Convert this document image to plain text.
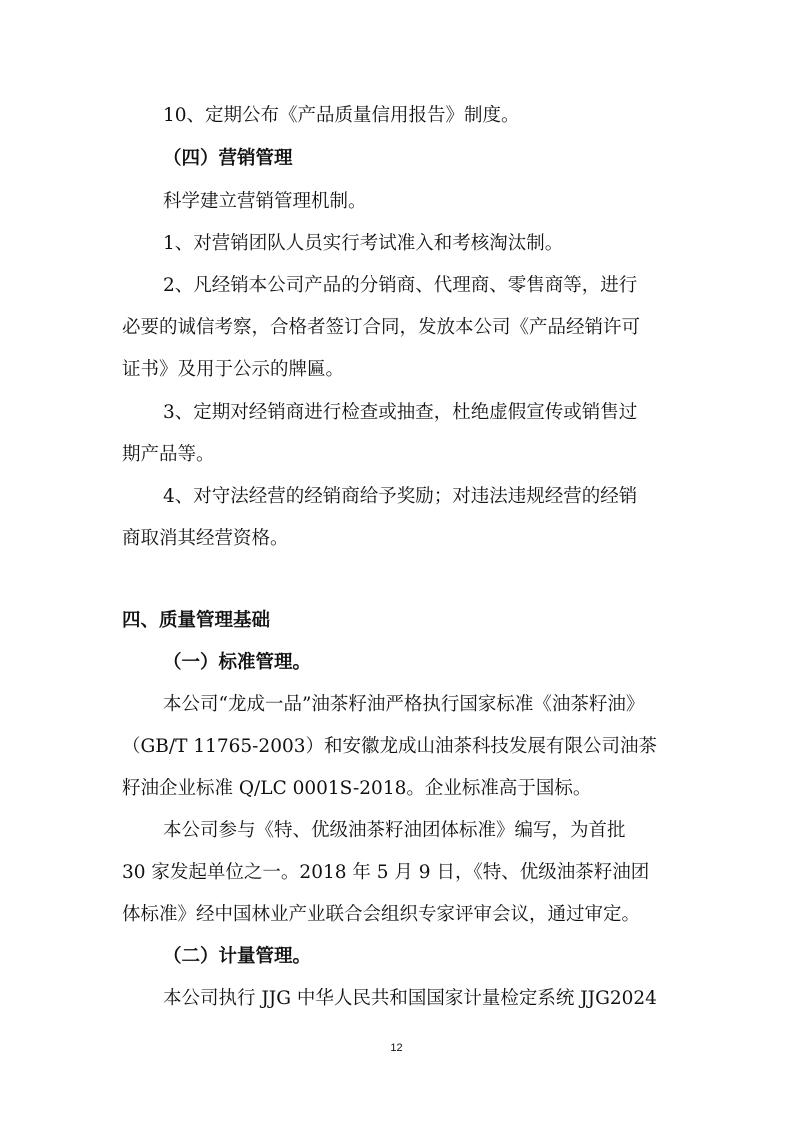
10、定期公布《产品质量信用报告》制度。
（四）营销管理
科学建立营销管理机制。
1、对营销团队人员实行考试准入和考核淘汰制。
2、凡经销本公司产品的分销商、代理商、零售商等，进行
必要的诚信考察，合格者签订合同，发放本公司《产品经销许可
证书》及用于公示的牌匾。
3、定期对经销商进行检查或抽查，杜绝虚假宣传或销售过
期产品等。
4、对守法经营的经销商给予奖励；对违法违规经营的经销
商取消其经营资格。
四、质量管理基础
（一）标准管理。
本公司“龙成一品”油茶籽油严格执行国家标准《油茶籽油》
（GB/T 11765-2003）和安徽龙成山油茶科技发展有限公司油茶
籽油企业标准 Q/LC 0001S-2018。企业标准高于国标。
本公司参与《特、优级油茶籽油团体标准》编写，为首批
30 家发起单位之一。2018 年 5 月 9 日，《特、优级油茶籽油团
体标准》经中国林业产业联合会组织专家评审会议，通过审定。
（二）计量管理。
本公司执行 JJG 中华人民共和国国家计量检定系统 JJG2024
12
